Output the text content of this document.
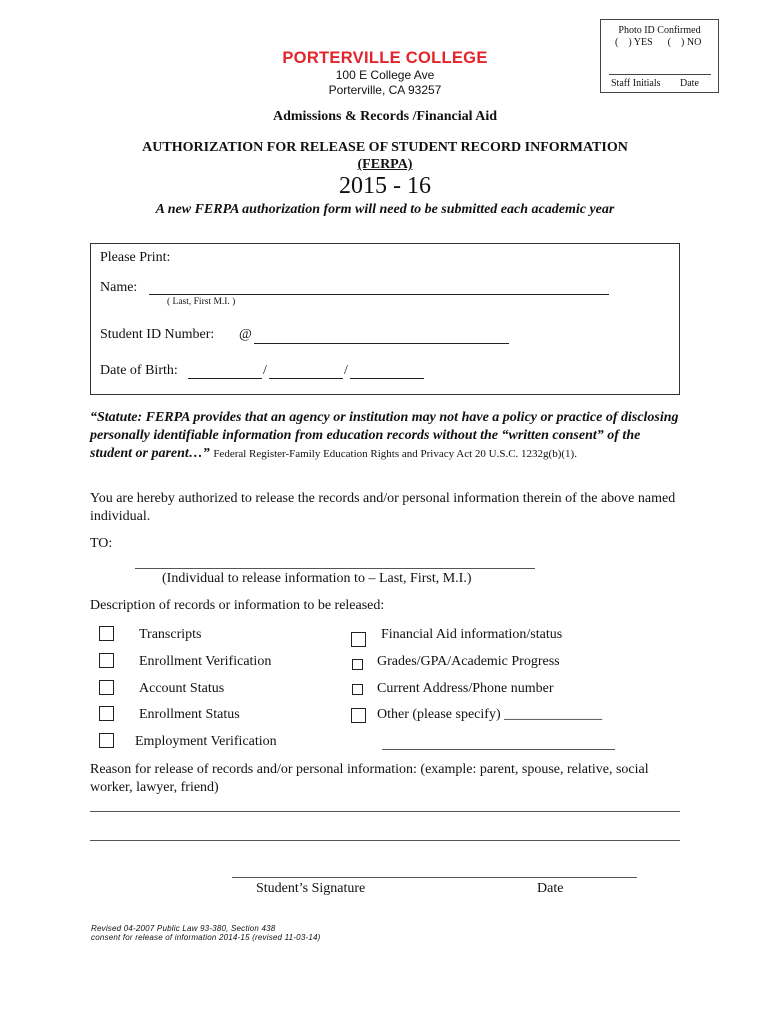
Photo ID Confirmed
(    ) YES      (    ) NO
Staff Initials Date
PORTERVILLE COLLEGE
100 E College Ave
Porterville, CA 93257
Admissions & Records /Financial Aid
AUTHORIZATION FOR RELEASE OF STUDENT RECORD INFORMATION
(FERPA)
2015 - 16
A new FERPA authorization form will need to be submitted each academic year
Please Print:
Name:
( Last, First M.I. )
Student ID Number: @
Date of Birth:	/	/
“Statute: FERPA provides that an agency or institution may not have a policy or practice of disclosing personally identifiable information from education records without the “written consent” of the student or parent…” Federal Register-Family Education Rights and Privacy Act 20 U.S.C. 1232g(b)(1).
You are hereby authorized to release the records and/or personal information therein of the above named individual.
TO:
(Individual to release information to – Last, First, M.I.)
Description of records or information to be released:
Transcripts
Enrollment Verification
Account Status
Enrollment Status
Employment Verification
Financial Aid information/status
Grades/GPA/Academic Progress
Current Address/Phone number
Other (please specify) ______________
Reason for release of records and/or personal information: (example: parent, spouse, relative, social worker, lawyer, friend)
Student’s Signature	Date
Revised 04-2007 Public Law 93-380, Section 438
consent for release of information 2014-15 (revised 11-03-14)
